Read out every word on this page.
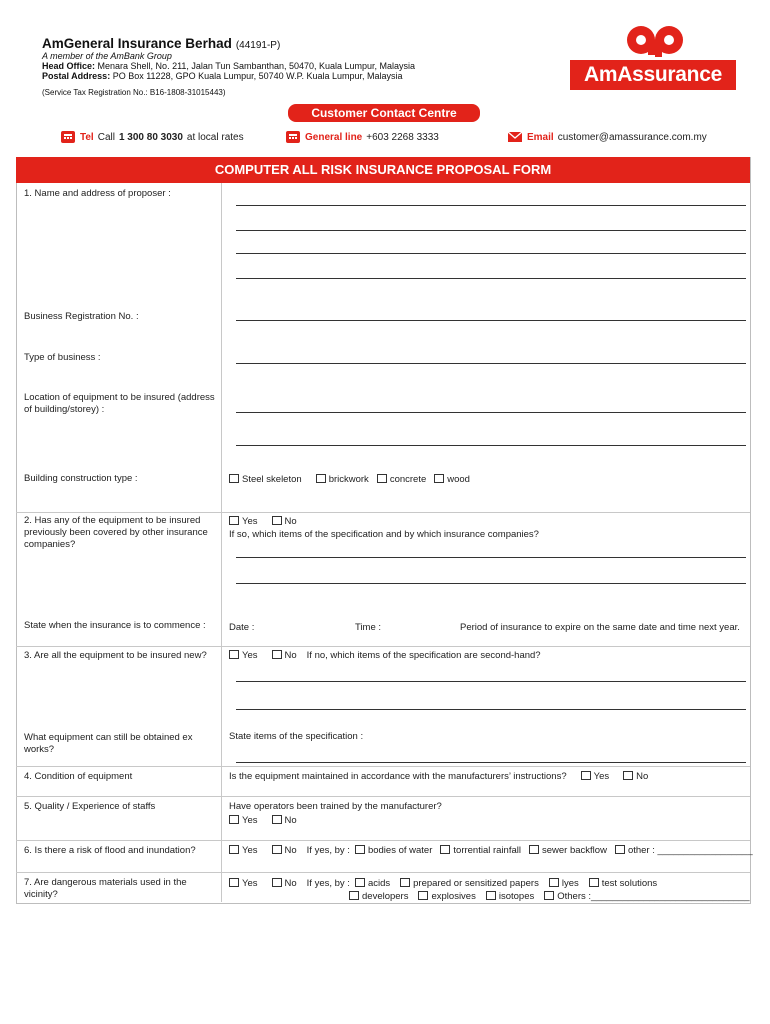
AmGeneral Insurance Berhad (44191-P)
A member of the AmBank Group
Head Office: Menara Shell, No. 211, Jalan Tun Sambanthan, 50470, Kuala Lumpur, Malaysia
Postal Address: PO Box 11228, GPO Kuala Lumpur, 50740 W.P. Kuala Lumpur, Malaysia
(Service Tax Registration No.: B16-1808-31015443)
AmAssurance
Customer Contact Centre
Tel Call 1 300 80 3030 at local rates	General line +603 2268 3333	Email customer@amassurance.com.my
COMPUTER ALL RISK INSURANCE PROPOSAL FORM
1. Name and address of proposer :
Business Registration No. :
Type of business :
Location of equipment to be insured (address of building/storey) :
Building construction type :	Steel skeleton	brickwork concrete wood
2. Has any of the equipment to be insured previously been covered by other insurance companies?
Yes	No
If so, which items of the specification and by which insurance companies?
State when the insurance is to commence :	Date :	Time :	Period of insurance to expire on the same date and time next year.
3. Are all the equipment to be insured new?	Yes	No If no, which items of the specification are second-hand?
What equipment can still be obtained ex works?
State items of the specification :
4. Condition of equipment	Is the equipment maintained in accordance with the manufacturers’ instructions?	Yes	No
5. Quality / Experience of staffs	Have operators been trained by the manufacturer?
Yes	No
6. Is there a risk of flood and inundation?	Yes	No If yes, by : bodies of water torrential rainfall sewer backflow other : __________________
7. Are dangerous materials used in the vicinity?
Yes	No If yes, by : acids prepared or sensitized papers lyes test solutions
developers explosives isotopes Others :______________________________
